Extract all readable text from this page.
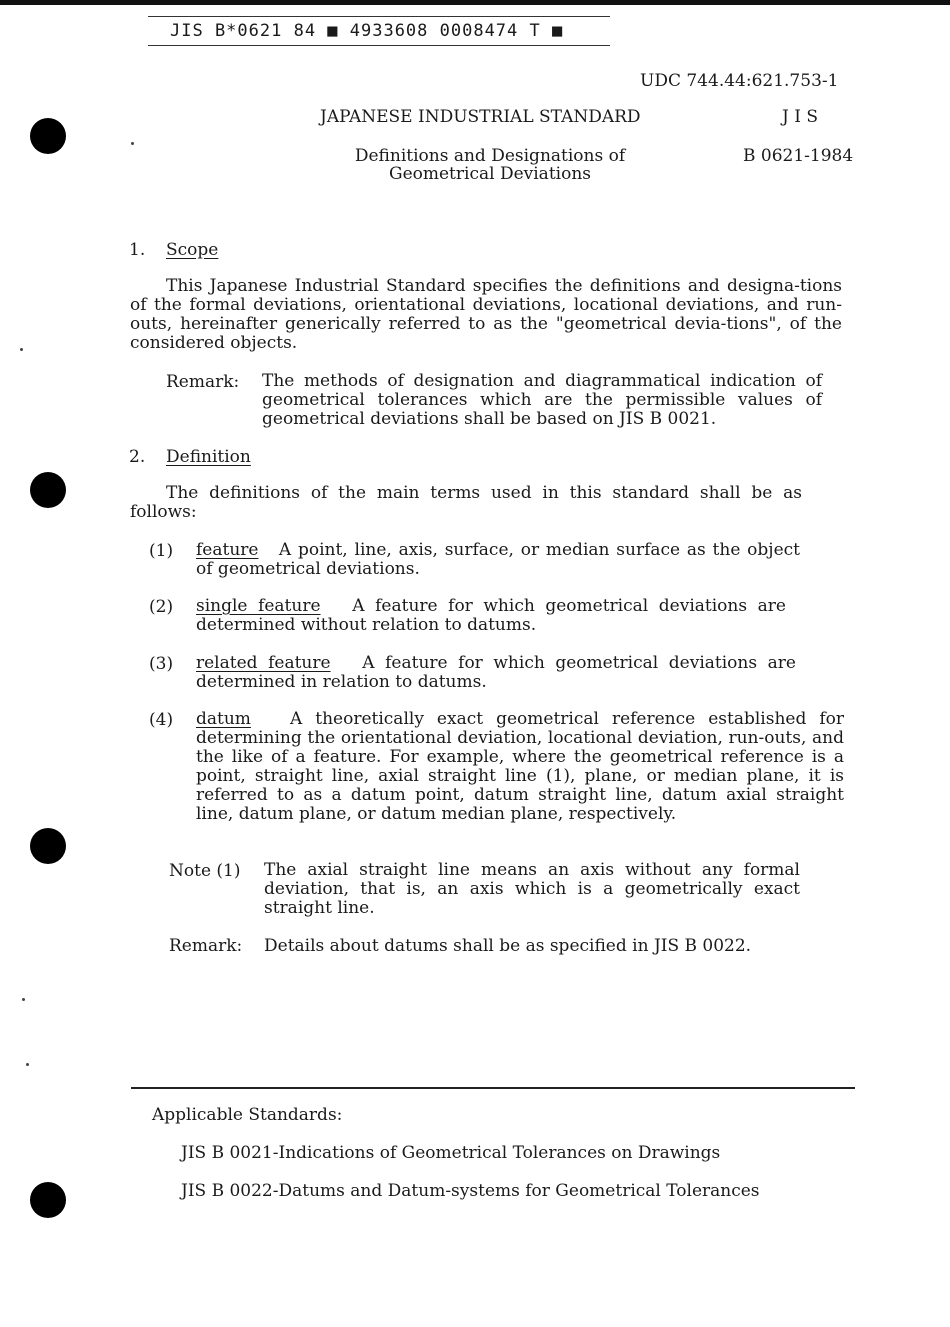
JIS B*0621 84 ■ 4933608 0008474 T ■
UDC 744.44:621.753-1
JAPANESE INDUSTRIAL STANDARD	J I S
Definitions and Designations of
Geometrical Deviations
B 0621-1984
1. Scope
This Japanese Industrial Standard specifies the definitions and designa-tions of the formal deviations, orientational deviations, locational deviations, and run-outs, hereinafter generically referred to as the "geometrical devia-tions", of the considered objects.
Remark: The methods of designation and diagrammatical indication of geometrical tolerances which are the permissible values of geometrical deviations shall be based on JIS B 0021.
2. Definition
The definitions of the main terms used in this standard shall be as follows:
(1) feature A point, line, axis, surface, or median surface as the object of geometrical deviations.
(2) single feature A feature for which geometrical deviations are determined without relation to datums.
(3) related feature A feature for which geometrical deviations are determined in relation to datums.
(4) datum A theoretically exact geometrical reference established for determining the orientational deviation, locational deviation, run-outs, and the like of a feature. For example, where the geometrical reference is a point, straight line, axial straight line (1), plane, or median plane, it is referred to as a datum point, datum straight line, datum axial straight line, datum plane, or datum median plane, respectively.
Note (1) The axial straight line means an axis without any formal deviation, that is, an axis which is a geometrically exact straight line.
Remark: Details about datums shall be as specified in JIS B 0022.
Applicable Standards:
JIS B 0021-Indications of Geometrical Tolerances on Drawings
JIS B 0022-Datums and Datum-systems for Geometrical Tolerances
